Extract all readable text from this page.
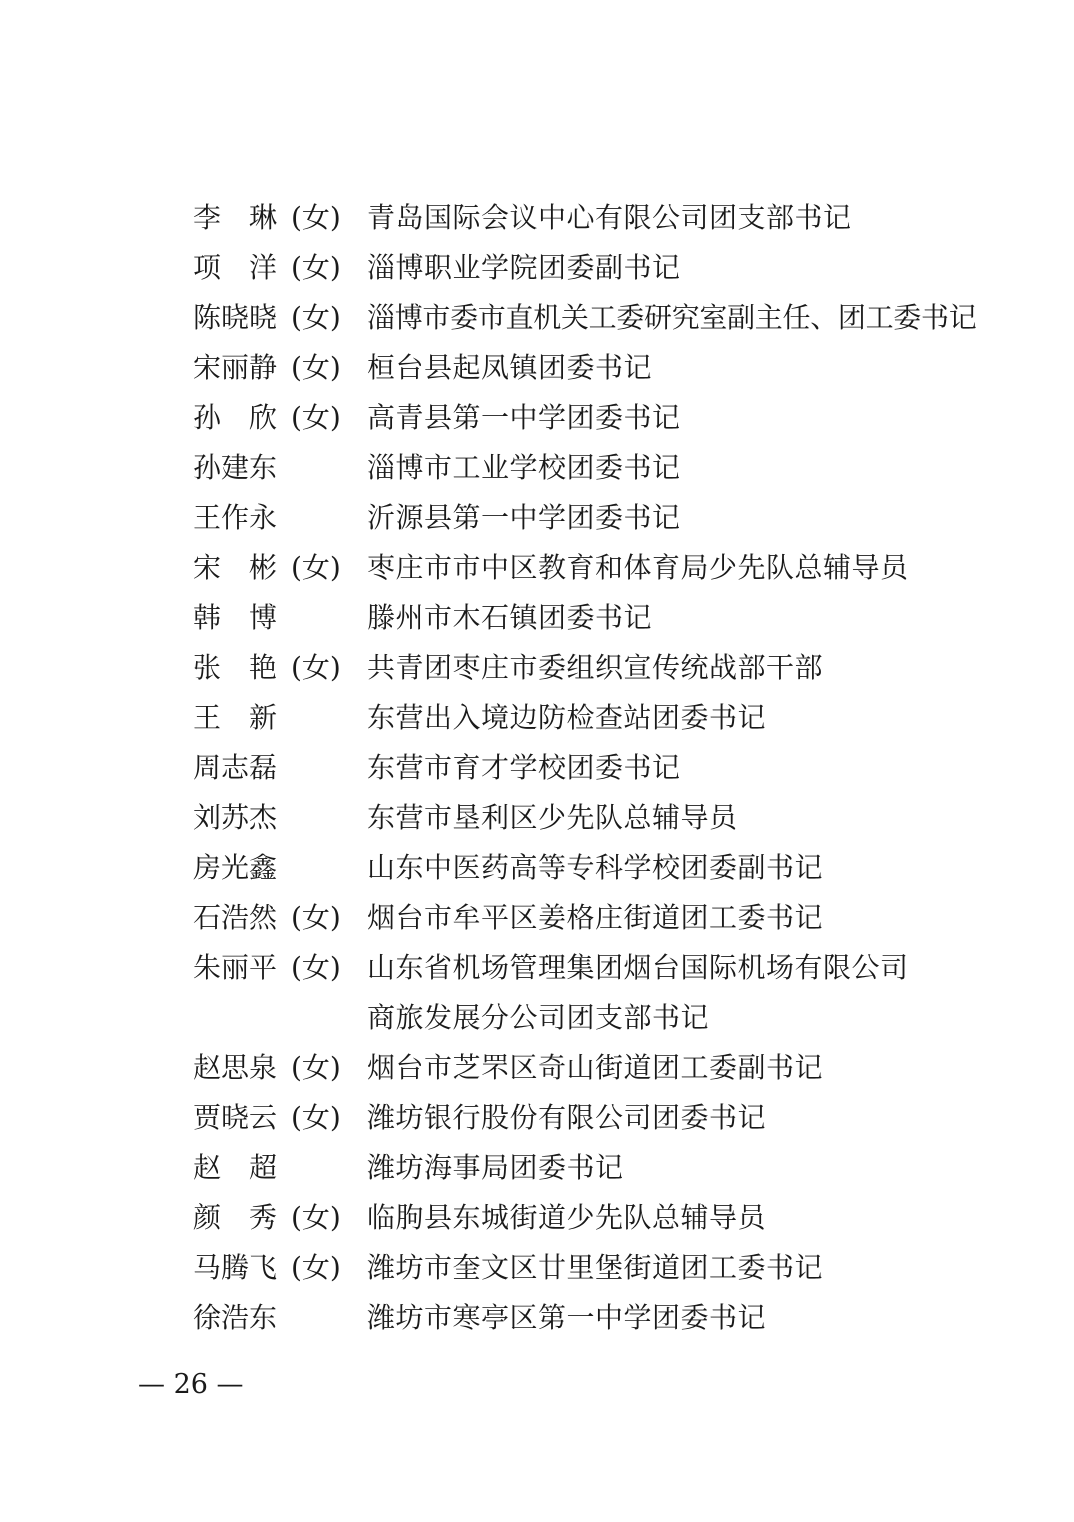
李　琳 (女) 青岛国际会议中心有限公司团支部书记
项　洋 (女) 淄博职业学院团委副书记
陈晓晓 (女) 淄博市委市直机关工委研究室副主任、团工委书记
宋丽静 (女) 桓台县起凤镇团委书记
孙　欣 (女) 高青县第一中学团委书记
孙建东	淄博市工业学校团委书记
王作永	沂源县第一中学团委书记
宋　彬 (女) 枣庄市市中区教育和体育局少先队总辅导员
韩　博	滕州市木石镇团委书记
张　艳 (女) 共青团枣庄市委组织宣传统战部干部
王　新	东营出入境边防检查站团委书记
周志磊	东营市育才学校团委书记
刘苏杰	东营市垦利区少先队总辅导员
房光鑫	山东中医药高等专科学校团委副书记
石浩然 (女) 烟台市牟平区姜格庄街道团工委书记
朱丽平 (女) 山东省机场管理集团烟台国际机场有限公司商旅发展分公司团支部书记
赵思泉 (女) 烟台市芝罘区奇山街道团工委副书记
贾晓云 (女) 潍坊银行股份有限公司团委书记
赵　超	潍坊海事局团委书记
颜　秀 (女) 临朐县东城街道少先队总辅导员
马腾飞 (女) 潍坊市奎文区廿里堡街道团工委书记
徐浩东	潍坊市寒亭区第一中学团委书记
— 26 —
